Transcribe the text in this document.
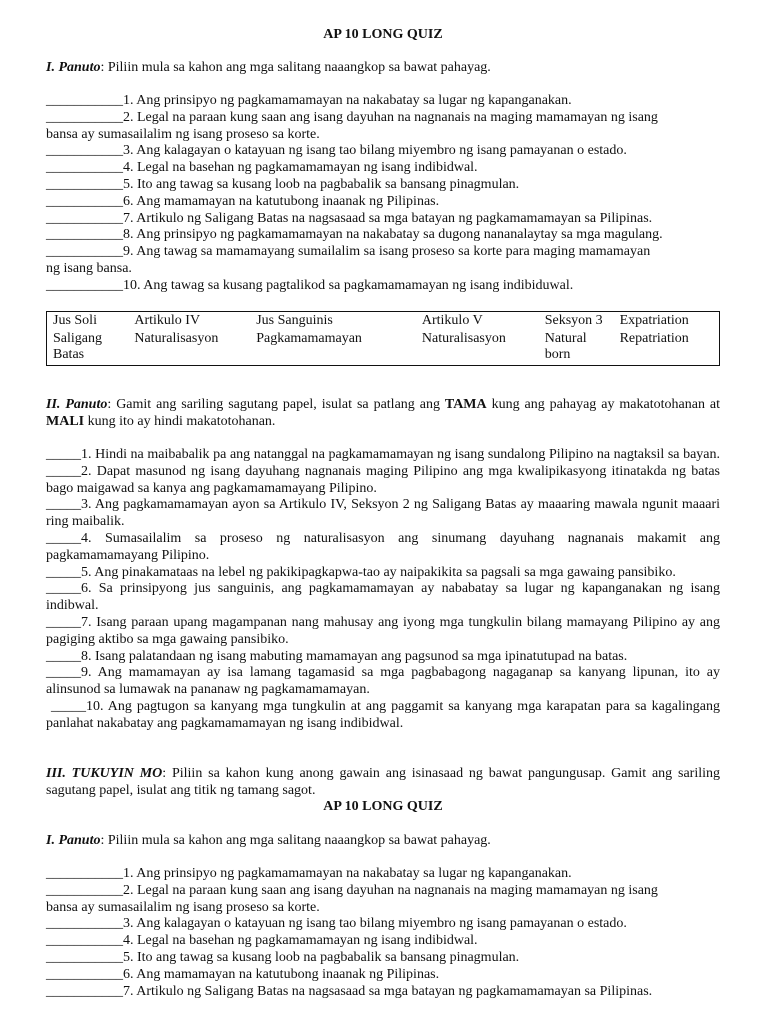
AP 10 LONG QUIZ
I. Panuto: Piliin mula sa kahon ang mga salitang naaangkop sa bawat pahayag.
___________1. Ang prinsipyo ng pagkamamamayan na nakabatay sa lugar ng kapanganakan.
___________2. Legal na paraan kung saan ang isang dayuhan na nagnanais na maging mamamayan ng isang
bansa ay sumasailalim ng isang proseso sa korte.
___________3. Ang kalagayan o katayuan ng isang tao bilang miyembro ng isang pamayanan o estado.
___________4. Legal na basehan ng pagkamamamayan ng isang indibidwal.
___________5. Ito ang tawag sa kusang loob na pagbabalik sa bansang pinagmulan.
___________6. Ang mamamayan na katutubong inaanak ng Pilipinas.
___________7. Artikulo ng Saligang Batas na nagsasaad sa mga batayan ng pagkamamamayan sa Pilipinas.
___________8. Ang prinsipyo ng pagkamamamayan na nakabatay sa dugong nananalaytay sa mga magulang.
___________9. Ang tawag sa mamamayang sumailalim sa isang proseso sa korte para maging mamamayan
ng isang bansa.
___________10. Ang tawag sa kusang pagtalikod sa pagkamamamayan ng isang indibiduwal.
Jus Soli	Artikulo IV	Jus Sanguinis	Artikulo V	Seksyon 3	Expatriation
Saligang Batas	Naturalisasyon	Pagkamamamayan	Naturalisasyon	Natural born	Repatriation
II. Panuto: Gamit ang sariling sagutang papel, isulat sa patlang ang TAMA kung ang pahayag ay makatotohanan at MALI kung ito ay hindi makatotohanan.
_____1. Hindi na maibabalik pa ang natanggal na pagkamamamayan ng isang sundalong Pilipino na nagtaksil sa bayan. _____2. Dapat masunod ng isang dayuhang nagnanais maging Pilipino ang mga kwalipikasyong itinatakda ng batas bago maigawad sa kanya ang pagkamamamayang Pilipino.
_____3. Ang pagkamamamayan ayon sa Artikulo IV, Seksyon 2 ng Saligang Batas ay maaaring mawala ngunit maaari ring maibalik.
_____4. Sumasailalim sa proseso ng naturalisasyon ang sinumang dayuhang nagnanais makamit ang pagkamamamayang Pilipino.
_____5. Ang pinakamataas na lebel ng pakikipagkapwa-tao ay naipakikita sa pagsali sa mga gawaing pansibiko.
_____6. Sa prinsipyong jus sanguinis, ang pagkamamamayan ay nababatay sa lugar ng kapanganakan ng isang indibwal.
_____7. Isang paraan upang magampanan nang mahusay ang iyong mga tungkulin bilang mamayang Pilipino ay ang pagiging aktibo sa mga gawaing pansibiko.
_____8. Isang palatandaan ng isang mabuting mamamayan ang pagsunod sa mga ipinatutupad na batas.
_____9. Ang mamamayan ay isa lamang tagamasid sa mga pagbabagong nagaganap sa kanyang lipunan, ito ay alinsunod sa lumawak na pananaw ng pagkamamamayan.
_____10. Ang pagtugon sa kanyang mga tungkulin at ang paggamit sa kanyang mga karapatan para sa kagalingang panlahat nakabatay ang pagkamamamayan ng isang indibidwal.
III. TUKUYIN MO: Piliin sa kahon kung anong gawain ang isinasaad ng bawat pangungusap. Gamit ang sariling sagutang papel, isulat ang titik ng tamang sagot.
AP 10 LONG QUIZ
I. Panuto: Piliin mula sa kahon ang mga salitang naaangkop sa bawat pahayag.
___________1. Ang prinsipyo ng pagkamamamayan na nakabatay sa lugar ng kapanganakan.
___________2. Legal na paraan kung saan ang isang dayuhan na nagnanais na maging mamamayan ng isang
bansa ay sumasailalim ng isang proseso sa korte.
___________3. Ang kalagayan o katayuan ng isang tao bilang miyembro ng isang pamayanan o estado.
___________4. Legal na basehan ng pagkamamamayan ng isang indibidwal.
___________5. Ito ang tawag sa kusang loob na pagbabalik sa bansang pinagmulan.
___________6. Ang mamamayan na katutubong inaanak ng Pilipinas.
___________7. Artikulo ng Saligang Batas na nagsasaad sa mga batayan ng pagkamamamayan sa Pilipinas.
